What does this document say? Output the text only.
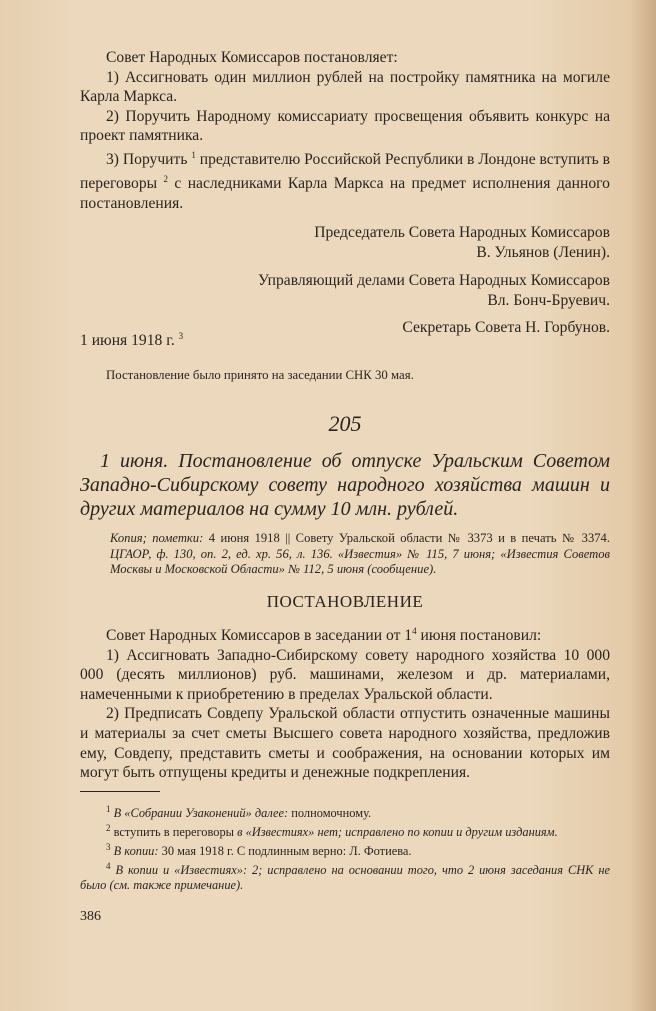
Совет Народных Комиссаров постановляет:

1) Ассигновать один миллион рублей на постройку памятника на могиле Карла Маркса.

2) Поручить Народному комиссариату просвещения объявить конкурс на проект памятника.

3) Поручить $^1$ представителю Российской Республики в Лондоне вступить в переговоры $^2$ с наследниками Карла Маркса на предмет исполнения данного постановления.

Председатель Совета Народных Комиссаров

В. Ульянов (Ленин).

Управляющий делами Совета Народных Комиссаров

Вл. Бонч-Бруевич.

1 июня 1918 г. $^3$	Секретарь Совета Н. Горбунов.

Постановление было принято на заседании СНК 30 мая.

205

1 июня. Постановление об отпуске Уральским Советом Западно-Сибирскому совету народного хозяйства машин и других материалов на сумму 10 млн. рублей.

Копия; пометки: 4 июня 1918 || Совету Уральской области № 3373 и в печать № 3374. ЦГАОР, ф. 130, оп. 2, ед. хр. 56, л. 136. «Известия» № 115, 7 июня; «Известия Советов Москвы и Московской Области» № 112, 5 июня (сообщение).

ПОСТАНОВЛЕНИЕ

Совет Народных Комиссаров в заседании от $1^4$ июня постановил:

1) Ассигновать Западно-Сибирскому совету народного хозяйства 10 000 000 (десять миллионов) руб. машинами, железом и др. материалами, намеченными к приобретению в пределах Уральской области.

2) Предписать Совдепу Уральской области отпустить означенные машины и материалы за счет сметы Высшего совета народного хозяйства, предложив ему, Совдепу, представить сметы и соображения, на основании которых им могут быть отпущены кредиты и денежные подкрепления.

$^1$ В «Собрании Узаконений» далее: полномочному.

$^2$ вступить в переговоры в «Известиях» нет; исправлено по копии и другим изданиям.

$^3$ В копии: 30 мая 1918 г. С подлинным верно: Л. Фотиева.

$^4$ В копии и «Известиях»: 2; исправлено на основании того, что 2 июня заседания СНК не было (см. также примечание).

386
